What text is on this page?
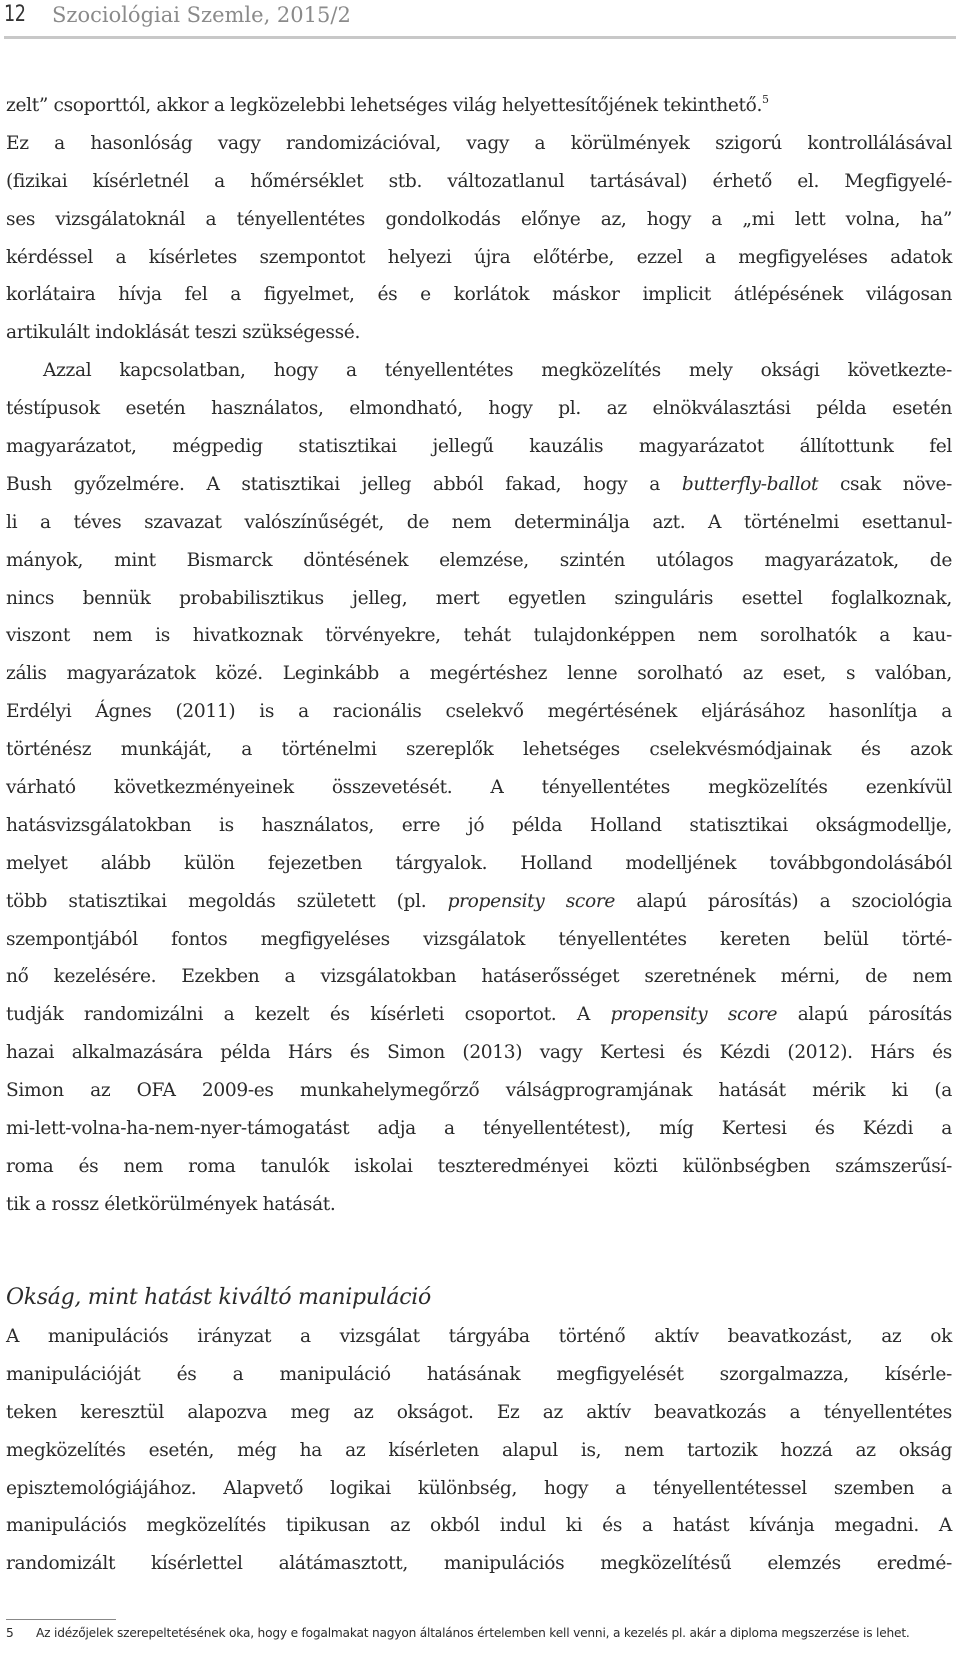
12 Szociológiai Szemle, 2015/2
zelt” csoporttól, akkor a legközelebbi lehetséges világ helyettesítőjének tekinthető.$^5$
Ez a hasonlóság vagy randomizációval, vagy a körülmények szigorú kontrollálásával
(fizikai kísérletnél a hőmérséklet stb. változatlanul tartásával) érhető el. Megfigyelé-
ses vizsgálatoknál a tényellentétes gondolkodás előnye az, hogy a „mi lett volna, ha”
kérdéssel a kísérletes szempontot helyezi újra előtérbe, ezzel a megfigyeléses adatok
korlátaira hívja fel a figyelmet, és e korlátok máskor implicit átlépésének világosan
artikulált indoklását teszi szükségessé.
Azzal kapcsolatban, hogy a tényellentétes megközelítés mely oksági következte-
téstípusok esetén használatos, elmondható, hogy pl. az elnökválasztási példa esetén
magyarázatot, mégpedig statisztikai jellegű kauzális magyarázatot állítottunk fel
Bush győzelmére. A statisztikai jelleg abból fakad, hogy a butterfly-ballot csak növe-
li a téves szavazat valószínűségét, de nem determinálja azt. A történelmi esettanul-
mányok, mint Bismarck döntésének elemzése, szintén utólagos magyarázatok, de
nincs bennük probabilisztikus jelleg, mert egyetlen szinguláris esettel foglalkoznak,
viszont nem is hivatkoznak törvényekre, tehát tulajdonképpen nem sorolhatók a kau-
zális magyarázatok közé. Leginkább a megértéshez lenne sorolható az eset, s valóban,
Erdélyi Ágnes (2011) is a racionális cselekvő megértésének eljárásához hasonlítja a
történész munkáját, a történelmi szereplők lehetséges cselekvésmódjainak és azok
várható következményeinek összevetését. A tényellentétes megközelítés ezenkívül
hatásvizsgálatokban is használatos, erre jó példa Holland statisztikai okságmodellje,
melyet alább külön fejezetben tárgyalok. Holland modelljének továbbgondolásából
több statisztikai megoldás született (pl. propensity score alapú párosítás) a szociológia
szempontjából fontos megfigyeléses vizsgálatok tényellentétes kereten belül törté-
nő kezelésére. Ezekben a vizsgálatokban hatáserősséget szeretnének mérni, de nem
tudják randomizálni a kezelt és kísérleti csoportot. A propensity score alapú párosítás
hazai alkalmazására példa Hárs és Simon (2013) vagy Kertesi és Kézdi (2012). Hárs és
Simon az OFA 2009-es munkahelymegőrző válságprogramjának hatását mérik ki (a
mi-lett-volna-ha-nem-nyer-támogatást adja a tényellentétest), míg Kertesi és Kézdi a
roma és nem roma tanulók iskolai teszteredményei közti különbségben számszerűsí-
tik a rossz életkörülmények hatását.
Okság, mint hatást kiváltó manipuláció
A manipulációs irányzat a vizsgálat tárgyába történő aktív beavatkozást, az ok
manipulációját és a manipuláció hatásának megfigyelését szorgalmazza, kísérle-
teken keresztül alapozva meg az okságot. Ez az aktív beavatkozás a tényellentétes
megközelítés esetén, még ha az kísérleten alapul is, nem tartozik hozzá az okság
episztemológiájához. Alapvető logikai különbség, hogy a tényellentétessel szemben a
manipulációs megközelítés tipikusan az okból indul ki és a hatást kívánja megadni. A
randomizált kísérlettel alátámasztott, manipulációs megközelítésű elemzés eredmé-
5 Az idézőjelek szerepeltetésének oka, hogy e fogalmakat nagyon általános értelemben kell venni, a kezelés pl. akár a diploma megszerzése is lehet.
